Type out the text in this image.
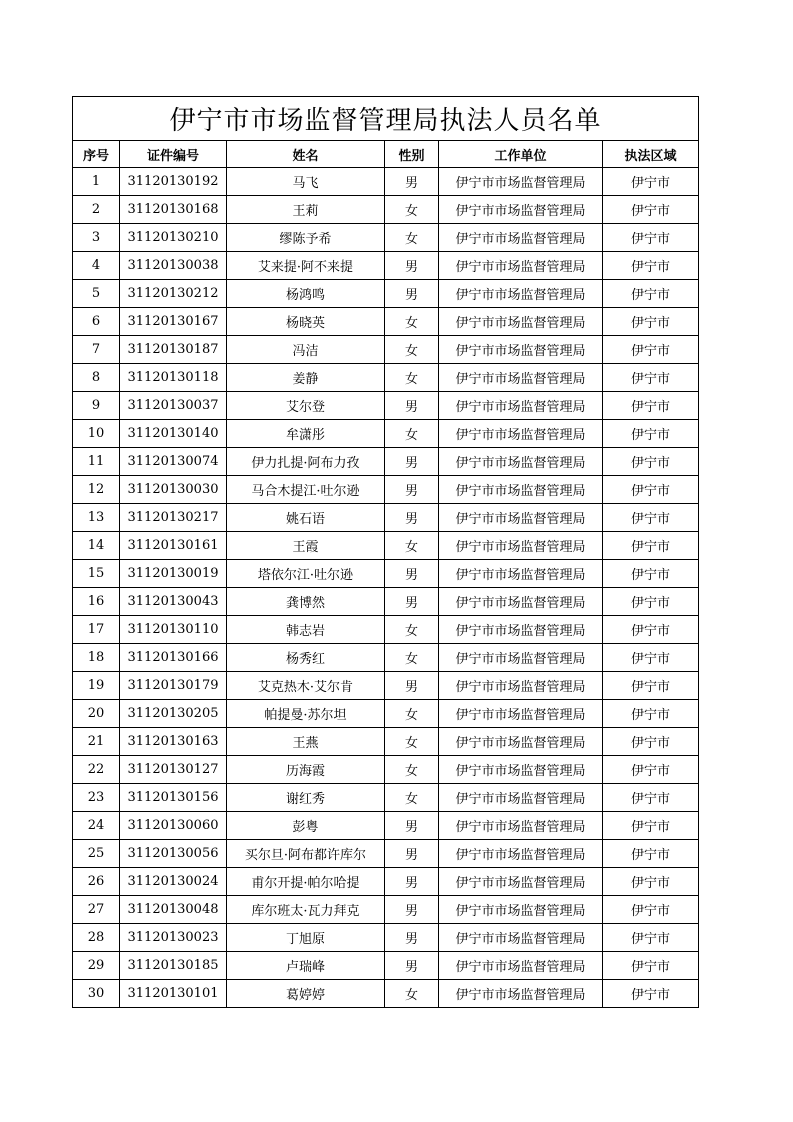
伊宁市市场监督管理局执法人员名单					
序号	证件编号	姓名	性别	工作单位	执法区域
1	31120130192	马飞	男	伊宁市市场监督管理局	伊宁市
2	31120130168	王莉	女	伊宁市市场监督管理局	伊宁市
3	31120130210	缪陈予希	女	伊宁市市场监督管理局	伊宁市
4	31120130038	艾来提·阿不来提	男	伊宁市市场监督管理局	伊宁市
5	31120130212	杨鸿鸣	男	伊宁市市场监督管理局	伊宁市
6	31120130167	杨晓英	女	伊宁市市场监督管理局	伊宁市
7	31120130187	冯洁	女	伊宁市市场监督管理局	伊宁市
8	31120130118	姜静	女	伊宁市市场监督管理局	伊宁市
9	31120130037	艾尔登	男	伊宁市市场监督管理局	伊宁市
10	31120130140	牟潇彤	女	伊宁市市场监督管理局	伊宁市
11	31120130074	伊力扎提·阿布力孜	男	伊宁市市场监督管理局	伊宁市
12	31120130030	马合木提江·吐尔逊	男	伊宁市市场监督管理局	伊宁市
13	31120130217	姚石语	男	伊宁市市场监督管理局	伊宁市
14	31120130161	王霞	女	伊宁市市场监督管理局	伊宁市
15	31120130019	塔依尔江·吐尔逊	男	伊宁市市场监督管理局	伊宁市
16	31120130043	龚博然	男	伊宁市市场监督管理局	伊宁市
17	31120130110	韩志岩	女	伊宁市市场监督管理局	伊宁市
18	31120130166	杨秀红	女	伊宁市市场监督管理局	伊宁市
19	31120130179	艾克热木·艾尔肯	男	伊宁市市场监督管理局	伊宁市
20	31120130205	帕提曼·苏尔坦	女	伊宁市市场监督管理局	伊宁市
21	31120130163	王燕	女	伊宁市市场监督管理局	伊宁市
22	31120130127	历海霞	女	伊宁市市场监督管理局	伊宁市
23	31120130156	谢红秀	女	伊宁市市场监督管理局	伊宁市
24	31120130060	彭粤	男	伊宁市市场监督管理局	伊宁市
25	31120130056	买尔旦·阿布都许库尔	男	伊宁市市场监督管理局	伊宁市
26	31120130024	甫尔开提·帕尔哈提	男	伊宁市市场监督管理局	伊宁市
27	31120130048	库尔班太·瓦力拜克	男	伊宁市市场监督管理局	伊宁市
28	31120130023	丁旭原	男	伊宁市市场监督管理局	伊宁市
29	31120130185	卢瑞峰	男	伊宁市市场监督管理局	伊宁市
30	31120130101	葛婷婷	女	伊宁市市场监督管理局	伊宁市
